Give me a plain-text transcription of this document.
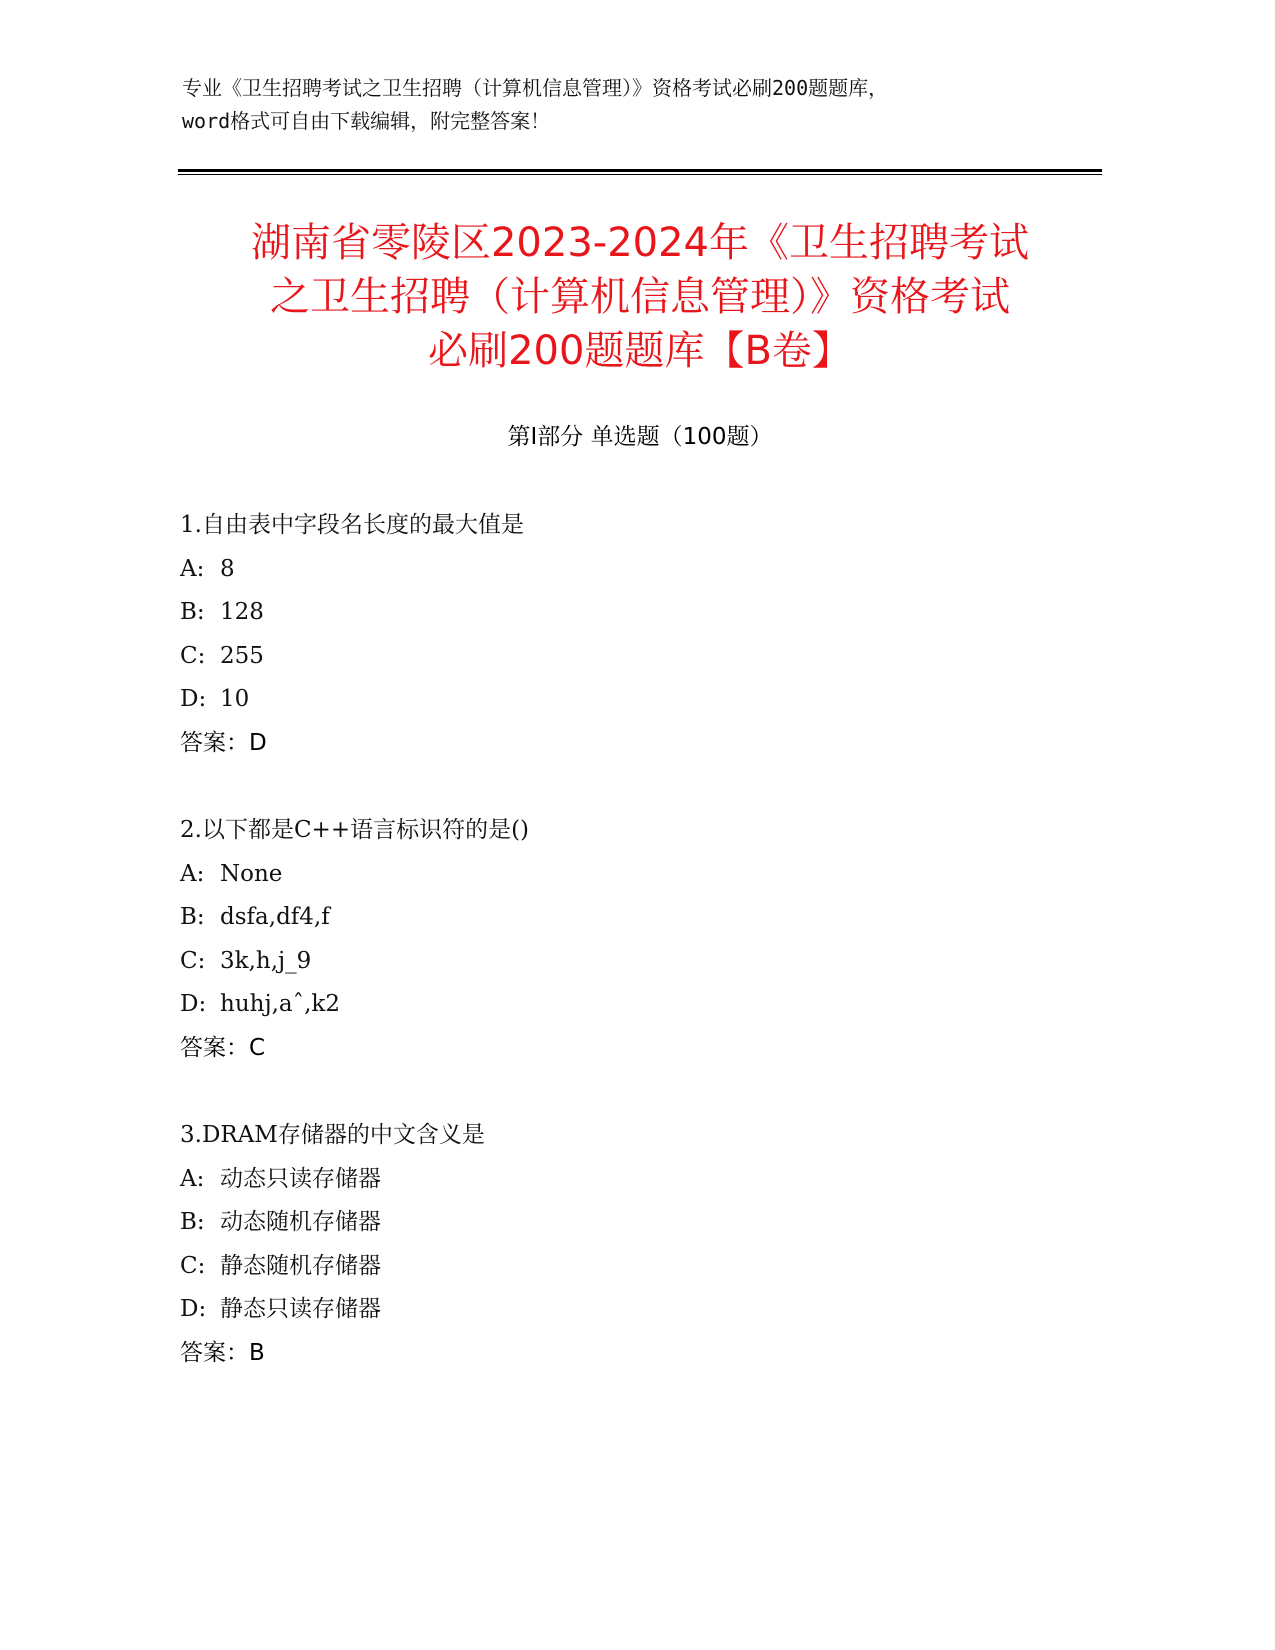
专业《卫生招聘考试之卫生招聘（计算机信息管理）》资格考试必刷200题题库，
word格式可自由下载编辑，附完整答案！
湖南省零陵区2023-2024年《卫生招聘考试
之卫生招聘（计算机信息管理）》资格考试
必刷200题题库【B卷】
第Ⅰ部分 单选题（100题）
1.自由表中字段名长度的最大值是
A: 8
B: 128
C: 255
D: 10
答案：D
2.以下都是C++语言标识符的是()
A: None
B: dsfa,df4,f
C: 3k,h,j_9
D: huhj,aˆ,k2
答案：C
3.DRAM存储器的中文含义是
A: 动态只读存储器
B: 动态随机存储器
C: 静态随机存储器
D: 静态只读存储器
答案：B
